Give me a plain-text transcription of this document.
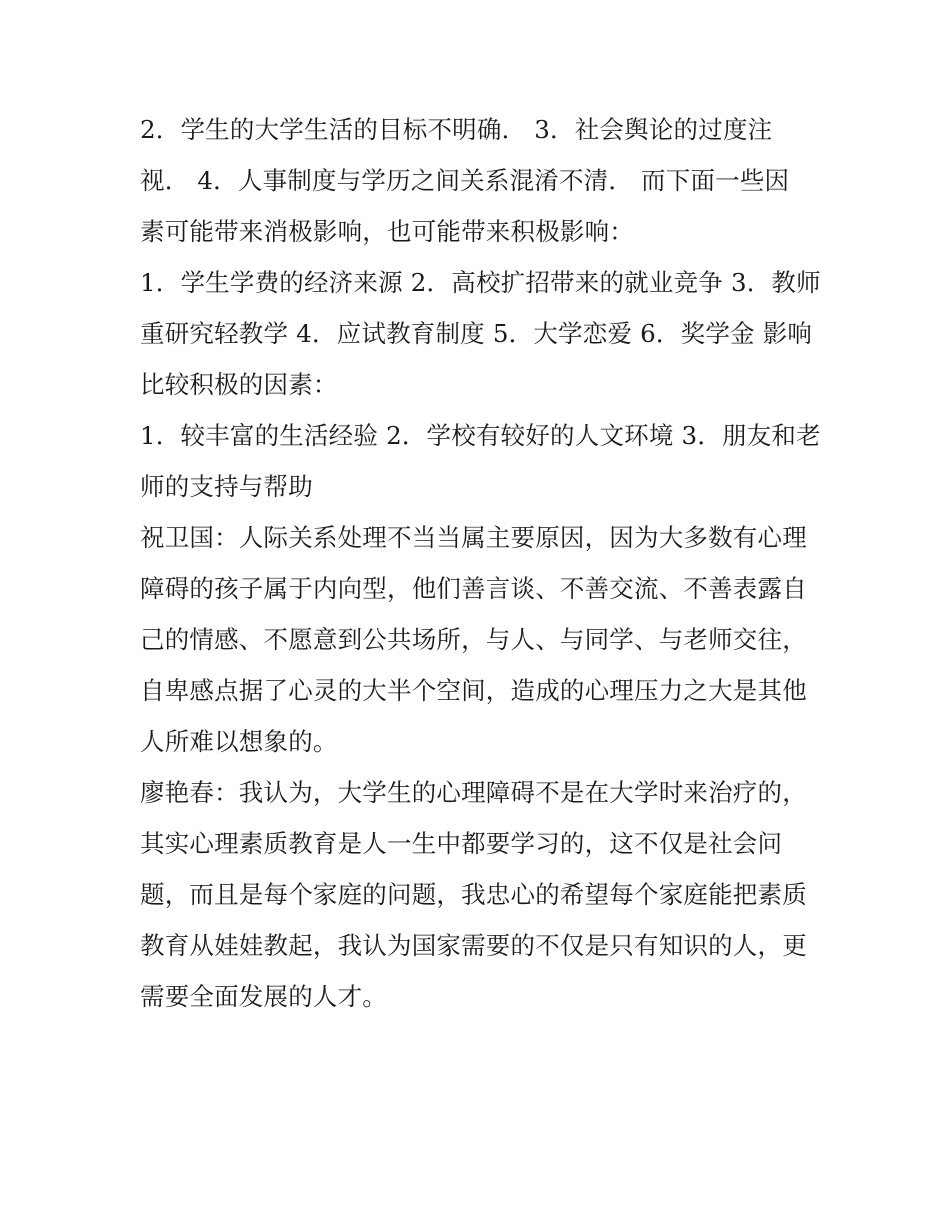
2．学生的大学生活的目标不明确． 3．社会舆论的过度注
视． 4．人事制度与学历之间关系混淆不清． 而下面一些因
素可能带来消极影响，也可能带来积极影响：
1．学生学费的经济来源 2．高校扩招带来的就业竞争 3．教师
重研究轻教学 4．应试教育制度 5．大学恋爱 6．奖学金 影响
比较积极的因素：
1．较丰富的生活经验 2．学校有较好的人文环境 3．朋友和老
师的支持与帮助
祝卫国：人际关系处理不当当属主要原因，因为大多数有心理
障碍的孩子属于内向型，他们善言谈、不善交流、不善表露自
己的情感、不愿意到公共场所，与人、与同学、与老师交往，
自卑感点据了心灵的大半个空间，造成的心理压力之大是其他
人所难以想象的。
廖艳春：我认为，大学生的心理障碍不是在大学时来治疗的，
其实心理素质教育是人一生中都要学习的，这不仅是社会问
题，而且是每个家庭的问题，我忠心的希望每个家庭能把素质
教育从娃娃教起，我认为国家需要的不仅是只有知识的人，更
需要全面发展的人才。
